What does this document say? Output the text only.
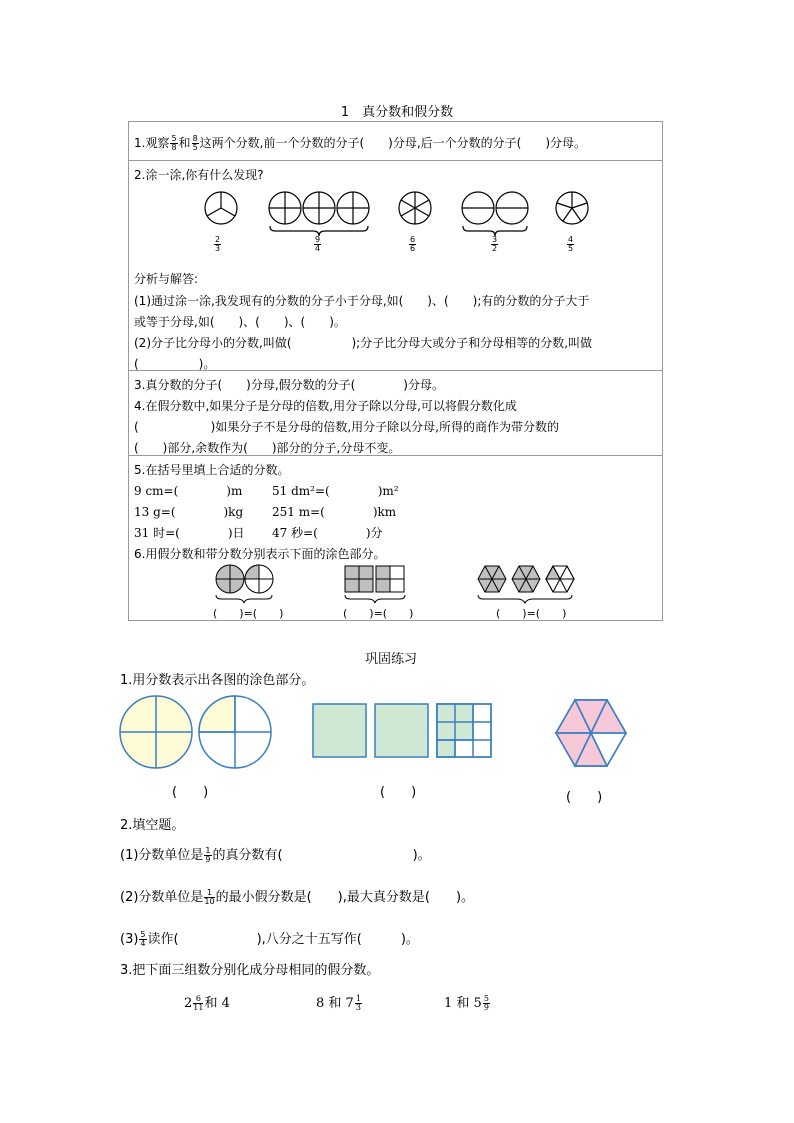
1　真分数和假分数
1.观察 $\frac{5}{8}$ 和 $\frac{8}{5}$ 这两个分数,前一个分数的分子(　　)分母,后一个分数的分子(　　)分母。
2.涂一涂,你有什么发现?
$\frac{2}{3}$	$\frac{9}{4}$	$\frac{6}{6}$	$\frac{3}{2}$	$\frac{4}{5}$
分析与解答:
(1)通过涂一涂,我发现有的分数的分子小于分母,如(　　)、(　　);有的分数的分子大于
或等于分母,如(　　)、(　　)、(　　)。
(2)分子比分母小的分数,叫做(　　　　　);分子比分母大或分子和分母相等的分数,叫做
(　　　　　)。
3.真分数的分子(　　)分母,假分数的分子(　　　　)分母。
4.在假分数中,如果分子是分母的倍数,用分子除以分母,可以将假分数化成
(　　　　　　)如果分子不是分母的倍数,用分子除以分母,所得的商作为带分数的
(　　)部分,余数作为(　　)部分的分子,分母不变。
5.在括号里填上合适的分数。
9 cm=(　　　　)m 51 dm²=(　　　　)m²
13 g=(　　　　)kg 251 m=(　　　　)km
31 时=(　　　　)日 47 秒=(　　　　)分
6.用假分数和带分数分别表示下面的涂色部分。
(　　)=(　　)	(　　)=(　　)	(　　)=(　　)
巩固练习
1.用分数表示出各图的涂色部分。
(　　)	(　　)	(　　)
2.填空题。
(1)分数单位是 $\frac{1}{9}$ 的真分数有(　　　　　　　　　　)。
(2)分数单位是 $\frac{1}{10}$ 的最小假分数是(　　),最大真分数是(　　)。
$(3) \frac{5}{4}$ 读作(　　　　　　),八分之十五写作(　　　)。
3.把下面三组数分别化成分母相同的假分数。
$2 \frac{6}{11}$ 和 4	8 和 $7 \frac{1}{3}$	1 和 $5 \frac{5}{9}$
